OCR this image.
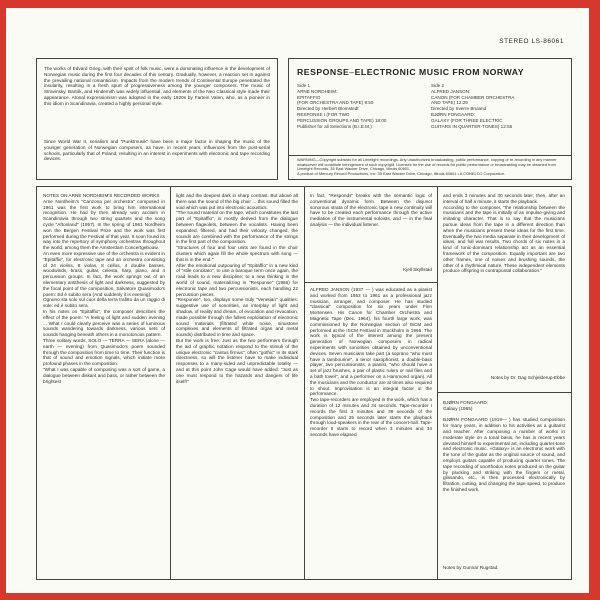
STEREO LS-86061

The works of Edvard Grieg, with their spirit of folk music, were a dominating influence in the development of Norwegian music during the first four decades of this century. Gradually, however, a reaction set in against the prevailing national romanticism. Impacts from the modern trends of Continental Europe penetrated the insularity, resulting in a fresh spurt of progressiveness among the younger composers. The music of Stravinsky, Bartók, and Hindemith was widely influential, and elements of the Neo Classical style made their appearance. Atonal expressionism was adopted in the early 1920s by Fartein Valen, who, as a pioneer in this idiom in Scandinavia, created a highly personal style.

Since World War II, serialism and "Punktmusik" have been a major factor in shaping the music of the younger generation of Norwegian composers, as have, in recent years, influences from the post-serial schools, particularly that of Poland, resulting in an interest in experiments with electronic and tape recording devices.

RESPONSE–ELECTRONIC MUSIC FROM NORWAY
Side 1
ARNE NORDHEIM:
EPITAFFIO
(FOR ORCHESTRA AND TAPE) 9:50
Directed by Herbert Blomstedt
RESPONSE I (FOR TWO
PERCUSSION GROUPS AND TAPE) 18:00
Publisher for all Selections (B.I.E.M.)
Side 2
ALFRED JANSON:
CANON (FOR CHAMBER ORCHESTRA
AND TAPE) 12:29
Directed by Sverre Bruland
BJØRN FONGAARD:
GALAXY (FOR THREE ELECTRIC
GUITARS IN QUARTER-TONES) 12:55

WARNING—Copyright subsists for all Limelight recordings. Any unauthorized broadcasting, public performance, copying or re-recording in any manner whatsoever will constitute infringement of such copyright. Licenses for the use of records for public performance or broadcasting may be obtained from Limelight Records, 35 East Wacker Drive, Chicago, Illinois 60601.

A product of Mercury Record Productions, Inc. 35 East Wacker Drive, Chicago, Illinois 60601 • A CONELCO Corporation.

NOTES ON ARNE NORDHEIM'S RECORDED WORKS
Arne Nordheim's "Canzona per orchestra" composed in 1961 was the first work to bring him international recognition. He had by then already won acclaim in Scandinavia through two string quartets and the song cycle "Aftonland" (1957). In the spring of 1961 Nordheim won the Bergen Festival Prize and the work was first performed during the Festival of that year. It soon found its way into the repertory of symphony orchestras throughout the world, among them the Amsterdam Concertgebouw.
An even more expressive use of the orchestra is evident in "Epitaffio", for electronic tape and an orchestra consisting of 24 violins, 8 violas, 8 cellos, 4 double basses, woodwinds, brass, guitar, celesta, harp, piano, and 4 percussion groups. In fact, the work springs out of an elementary antithesis of light and darkness, suggested by the focal point of the composition, Salvatore Quasimodo's poem: Ed è subito sera (And suddenly it is evening):
Ognuno sta solo sul cuor della terra trafitto da un raggio di sole: ed è subito sera.
In his notes on "Epitaffio", the composer describes the effect of the poem: "A feeling of light and sudden evening ... What I could clearly perceive was a series of luminous sounds wandering towards darkness, various sets of sounds hanging beneath others in a monotonous pattern.
Three solitary words, SOLO — TERRA — SERA (alone — earth — evening) from Quasimodo's poem sounded through the composition from time to time. Their function is that of sound and emotion signals, which initiate more profound phases in the composition.
"What I was capable of composing was a sort of game, a dialogue between diskant and bass, or rather between the brightest

light and the deepest dark in sharp contrast. But above all there was the sound of the big choir ... this sound filled the void which was put into electronic acoustics.
"The sound material on the tape, which constitutes the last part of "Epitaffio", is mostly derived from the dialogue between flageolets, between the vocalists. Having been expanded, filtered, and had their velocity changed, the sounds are combined with the performance of the strings in the first part of the composition.
"Structures of four and four units are found in the choir clusters which again fill the whole spectrum with song — that is in the end."
After the emotional outpouring of "Epitaffio" in a new kind of "stile concitato", to use a baroque term once again, the road leads to a new discipline; to a new thinking in the world of sound, materializing in "Response" (1966) for electronic tape and two percussionists, each handling 22 percussion pieces.
"Response", too, displays some truly "Venetian" qualities: suggestive use of sonorities, an interplay of light and shadow, of reality and dream, of evocation and revocation, made possible through the fullest exploitation of electronic sound materials (filtrated white noise, sinustone complexes and elements of filtrated organ and metal sounds) distributed in time and space.
But the work is free: Just as the two performers through the aid of graphic notation respond to the stimuli of the unique electronic "cantus firmus", often "gothic" in its stark directness, so will the listener have to make individual responses to a many-sided and unpredictable totality — and at this point John Cage would have added: "Just as one must respond to the hazards and dangers of life itself!"

In fact, "Responds" breaks with the semantic logic of conventional dynamic form. Between the disjunct sonorous strata of the electronic tape a new continuity will have to be created each performance through the active mediation of the instrumental soloists, and — in the final analysis — the individual listener.

Kjell Skyllstad

ALFRED JANSON (1937 — ) was educated as a pianist and worked from 1953 to 1961 as a professional jazz musician, arranger, and composer. He has studied "classical" composition for six years under Finn Mortensen. His Canon for Chamber Orchestra and Magnetic Tape (Dec. 1964), his fourth large work, was commissioned by the Norwegian section of ISCM and performed at the ISCM Festival in Stockholm in 1966. The work is typical of the interest among the present generation of Norwegian composers in radical experiments with sonorities obtained by unconventional devices. Seven musicians take part (a soprano "who must have a tambourine", a tenor saxophonist, a double-bass player, two percussionists, a pianist, "who should have a set of jazz brushes, a pair of plastic rulers or nail files and a bath towel", and a performer on a Hammond organ). All the musicians and the conductor are at times also required to shout. Improvisation is an integral factor in the performance.
Two tape-recorders are employed in the work, which has a duration of 12 minutes and 34 seconds. Tape-recorder I records the first 3 minutes and 39 seconds of the composition and 25 seconds later starts the playback through loud-speakers in the rear of the concert-hall. Tape-recorder II starts to record when 3 minutes and 34 seconds have elapsed

and ends 3 minutes and 30 seconds later; then, after an interval of half a minute, it starts the playback.
According to the composer, "the relationship between the musicians and the tape is initially of an impulse-giving and imitating character. That is to say that the musicians pursue ideas from the tape in a different direction than when the musicians present these ideas for the first time. Eventually the two media separate in their development of ideas, and full war results. Two chords of six notes in a kind of tonic-dominant relationship act as an essential framework of the composition. Equally important are two other frames, one of noises and brushing sounds, the other of a rhythmical nature. These independent elements produce offspring in contrapuntal collaboration."

Notes by Dr. Dag Schjelderup-Ebbe

BJØRN FONGAARD:
Galaxy (1965)

BJØRN FONGAARD (1919— ) has studied composition for many years, in addition to his activities as a guitarist and teacher. After composing a number of works in moderate style on a tonal basis, he has in recent years devoted himself to experimental art, including quarter-tone and electronic music. «Galaxy» is an electronic work with the tone of the guitar as the original source of sound, and employs guitars capable of producing quarter tones. The tape recording of unorthodox notes produced on the guitar by plucking and striking with the fingers or metal, glissando, etc., is then processed electronically by filtration, cutting, and changing the tape speed, to produce the finished work.

Notes by Gunnar Rugstad.
